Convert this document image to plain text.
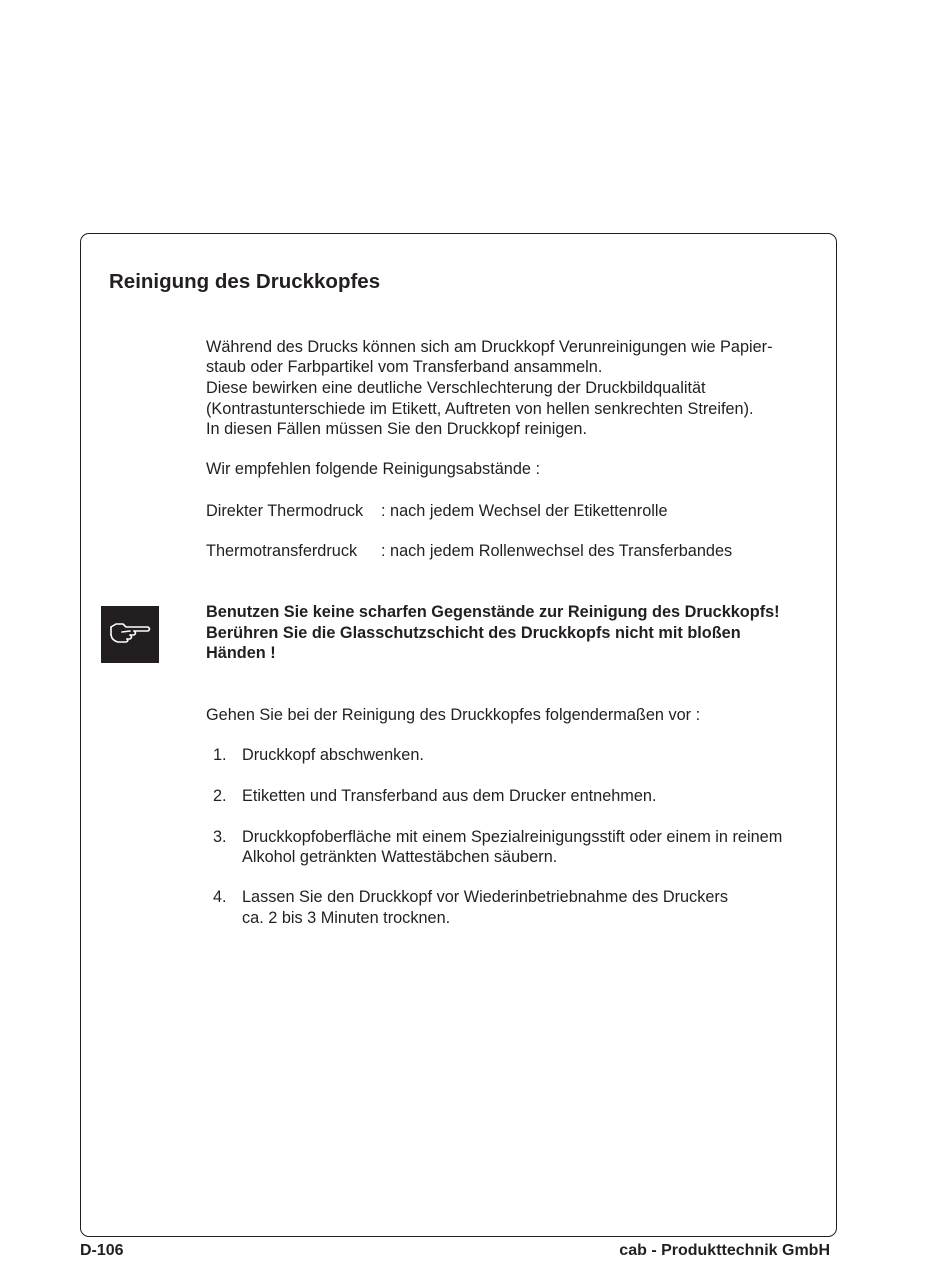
Reinigung des Druckkopfes
Während des Drucks können sich am Druckkopf Verunreinigungen wie Papier-
staub oder Farbpartikel vom Transferband ansammeln.
Diese bewirken eine deutliche Verschlechterung der Druckbildqualität
(Kontrastunterschiede im Etikett, Auftreten von hellen senkrechten Streifen).
In diesen Fällen müssen Sie den Druckkopf reinigen.
Wir empfehlen folgende Reinigungsabstände :
Direkter Thermodruck : nach jedem Wechsel der Etikettenrolle
Thermotransferdruck : nach jedem Rollenwechsel des Transferbandes
Benutzen Sie keine scharfen Gegenstände zur Reinigung des Druckkopfs!
Berühren Sie die Glasschutzschicht des Druckkopfs nicht mit bloßen
Händen !
Gehen Sie bei der Reinigung des Druckkopfes folgendermaßen vor :
1. Druckkopf abschwenken.
2. Etiketten und Transferband aus dem Drucker entnehmen.
3. Druckkopfoberfläche mit einem Spezialreinigungsstift oder einem in reinem
Alkohol getränkten Wattestäbchen säubern.
4. Lassen Sie den Druckkopf vor Wiederinbetriebnahme des Druckers
ca. 2 bis 3 Minuten trocknen.
D-106	cab - Produkttechnik GmbH
